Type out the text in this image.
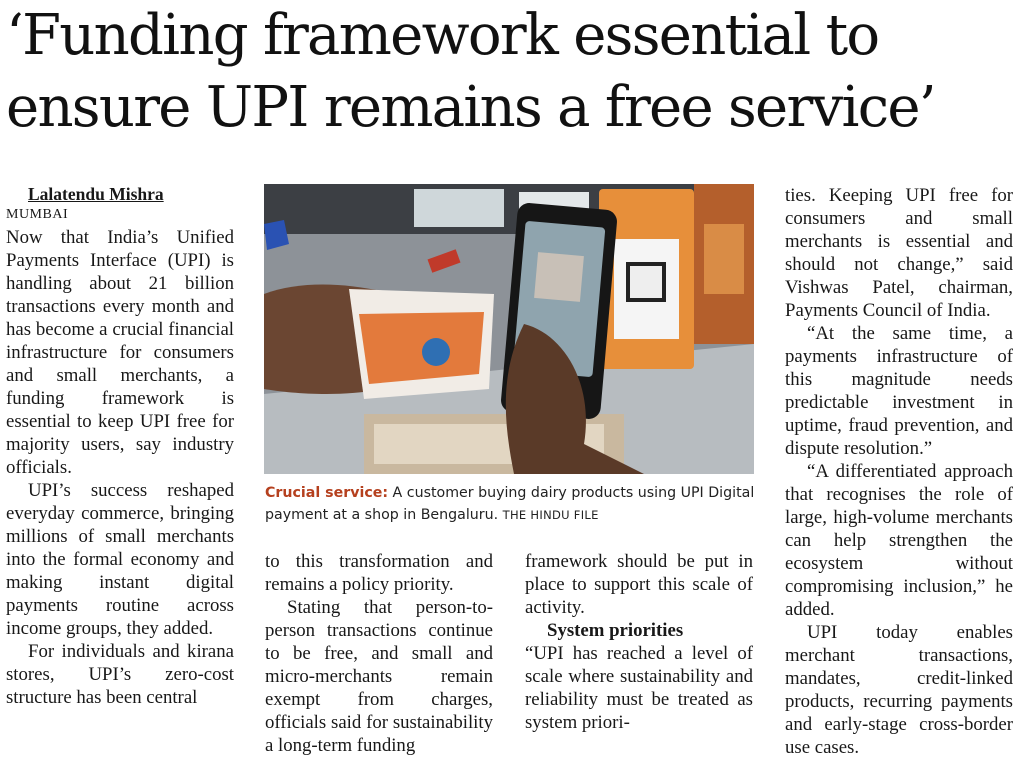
‘Funding framework essential to
ensure UPI remains a free service’

Lalatendu Mishra

MUMBAI

Now that India’s Unified Payments Interface (UPI) is handling about 21 billion transactions every month and has become a crucial financial infrastructure for consumers and small merchants, a funding framework is essential to keep UPI free for majority users, say industry officials.

UPI’s success reshaped everyday commerce, bringing millions of small merchants into the formal economy and making instant digital payments routine across income groups, they added.

For individuals and kirana stores, UPI’s zero-cost structure has been central

Crucial service: A customer buying dairy products using UPI Digital payment at a shop in Bengaluru. THE HINDU FILE

to this transformation and remains a policy priority.

Stating that person-to-person transactions continue to be free, and small and micro-merchants remain exempt from charges, officials said for sustainability a long-term funding

framework should be put in place to support this scale of activity.

System priorities

“UPI has reached a level of scale where sustainability and reliability must be treated as system priori-

ties. Keeping UPI free for consumers and small merchants is essential and should not change,” said Vishwas Patel, chairman, Payments Council of India.

“At the same time, a payments infrastructure of this magnitude needs predictable investment in uptime, fraud prevention, and dispute resolution.”

“A differentiated approach that recognises the role of large, high-volume merchants can help strengthen the ecosystem without compromising inclusion,” he added.

UPI today enables merchant transactions, mandates, credit-linked products, recurring payments and early-stage cross-border use cases.
